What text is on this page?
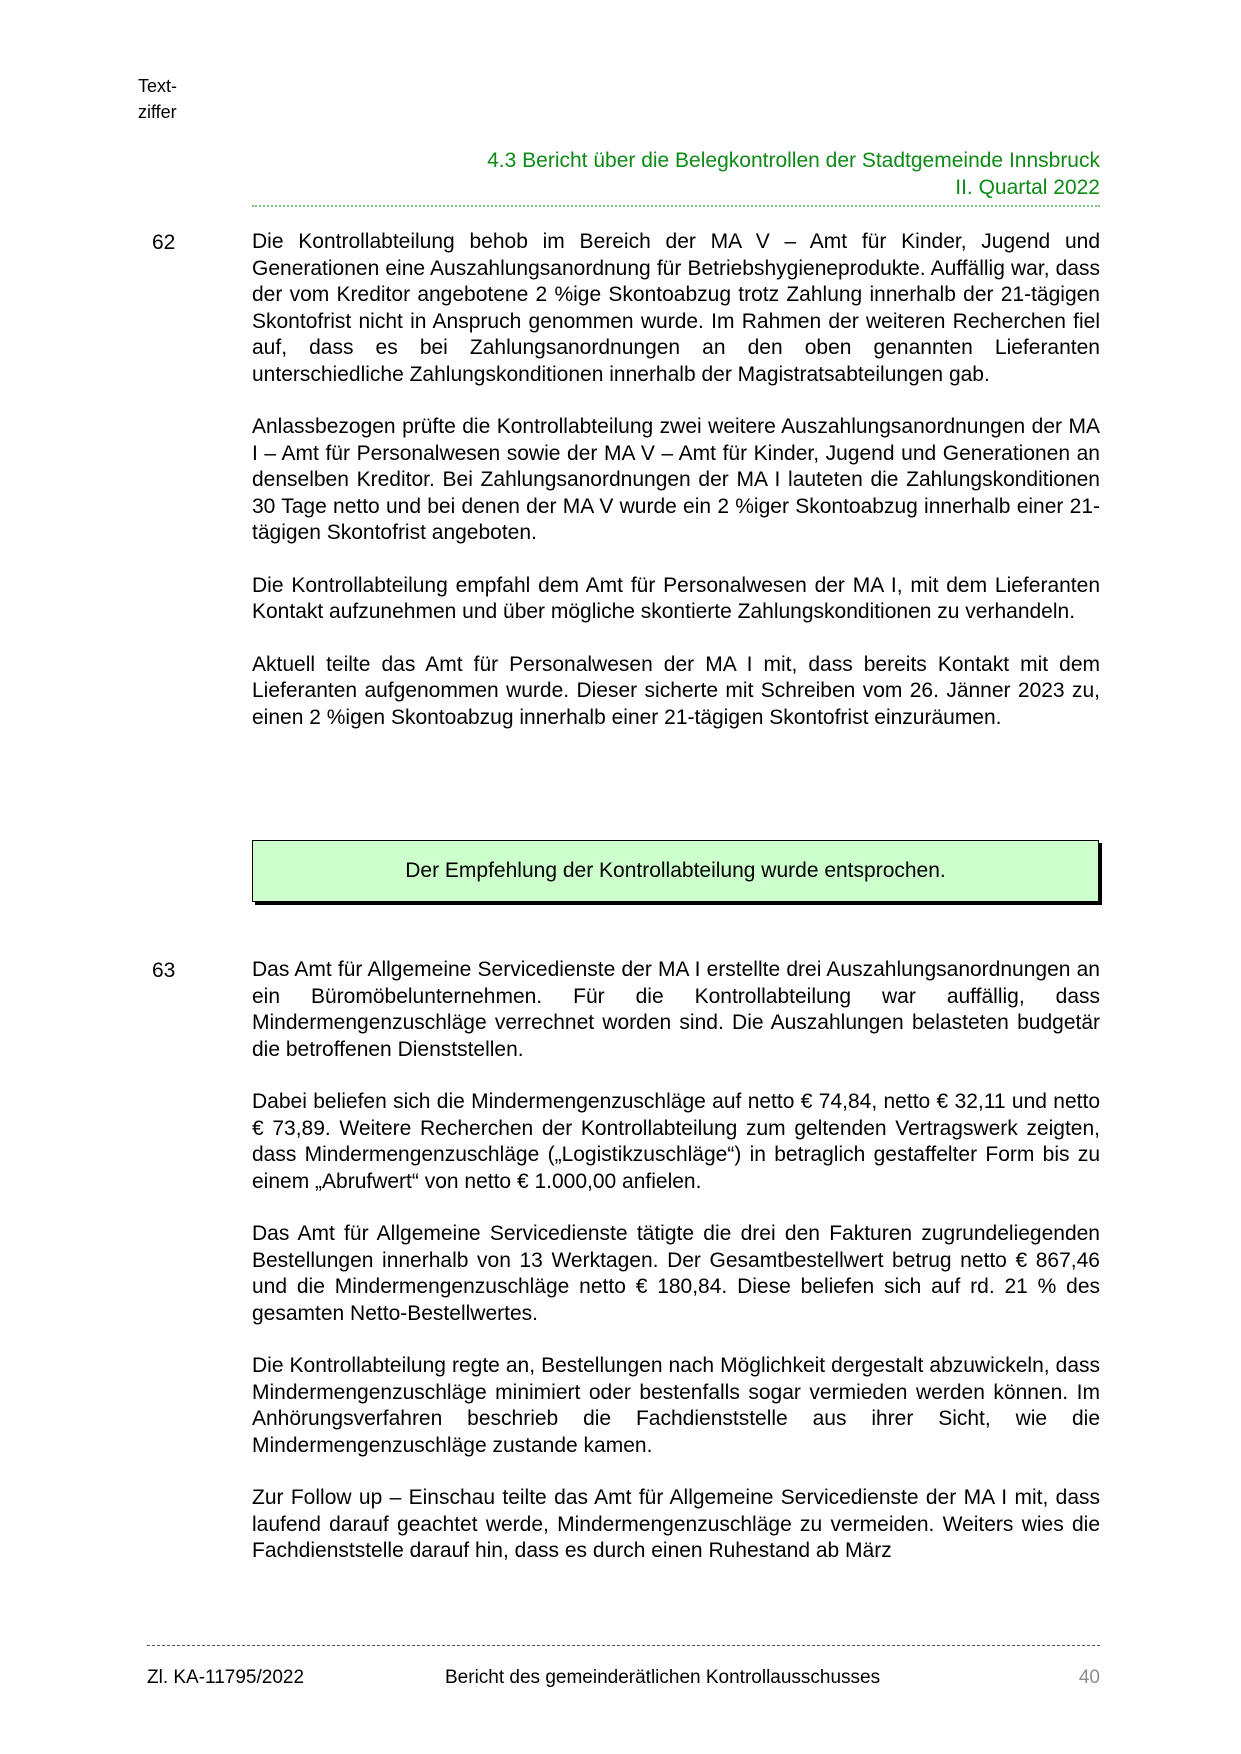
Text-
ziffer
4.3 Bericht über die Belegkontrollen der Stadtgemeinde Innsbruck
II. Quartal 2022
62	Die Kontrollabteilung behob im Bereich der MA V – Amt für Kinder, Jugend und Generationen eine Auszahlungsanordnung für Betriebshygieneprodukte. Auffällig war, dass der vom Kreditor angebotene 2 %ige Skontoabzug trotz Zahlung innerhalb der 21-tägigen Skontofrist nicht in Anspruch genommen wurde. Im Rahmen der weiteren Recherchen fiel auf, dass es bei Zahlungsanordnungen an den oben genannten Lieferanten unterschiedliche Zahlungskonditionen innerhalb der Magistratsabteilungen gab.

Anlassbezogen prüfte die Kontrollabteilung zwei weitere Auszahlungsanordnungen der MA I – Amt für Personalwesen sowie der MA V – Amt für Kinder, Jugend und Generationen an denselben Kreditor. Bei Zahlungsanordnungen der MA I lauteten die Zahlungskonditionen 30 Tage netto und bei denen der MA V wurde ein 2 %iger Skontoabzug innerhalb einer 21-tägigen Skontofrist angeboten.

Die Kontrollabteilung empfahl dem Amt für Personalwesen der MA I, mit dem Lieferanten Kontakt aufzunehmen und über mögliche skontierte Zahlungskonditionen zu verhandeln.

Aktuell teilte das Amt für Personalwesen der MA I mit, dass bereits Kontakt mit dem Lieferanten aufgenommen wurde. Dieser sicherte mit Schreiben vom 26. Jänner 2023 zu, einen 2 %igen Skontoabzug innerhalb einer 21-tägigen Skontofrist einzuräumen.

Der Empfehlung der Kontrollabteilung wurde entsprochen.
63	Das Amt für Allgemeine Servicedienste der MA I erstellte drei Auszahlungsanordnungen an ein Büromöbelunternehmen. Für die Kontrollabteilung war auffällig, dass Mindermengenzuschläge verrechnet worden sind. Die Auszahlungen belasteten budgetär die betroffenen Dienststellen.

Dabei beliefen sich die Mindermengenzuschläge auf netto € 74,84, netto € 32,11 und netto € 73,89. Weitere Recherchen der Kontrollabteilung zum geltenden Vertragswerk zeigten, dass Mindermengenzuschläge („Logistikzuschläge“) in betraglich gestaffelter Form bis zu einem „Abrufwert“ von netto € 1.000,00 anfielen.

Das Amt für Allgemeine Servicedienste tätigte die drei den Fakturen zugrundeliegenden Bestellungen innerhalb von 13 Werktagen. Der Gesamtbestellwert betrug netto € 867,46 und die Mindermengenzuschläge netto € 180,84. Diese beliefen sich auf rd. 21 % des gesamten Netto-Bestellwertes.

Die Kontrollabteilung regte an, Bestellungen nach Möglichkeit dergestalt abzuwickeln, dass Mindermengenzuschläge minimiert oder bestenfalls sogar vermieden werden können. Im Anhörungsverfahren beschrieb die Fachdienststelle aus ihrer Sicht, wie die Mindermengenzuschläge zustande kamen.

Zur Follow up – Einschau teilte das Amt für Allgemeine Servicedienste der MA I mit, dass laufend darauf geachtet werde, Mindermengenzuschläge zu vermeiden. Weiters wies die Fachdienststelle darauf hin, dass es durch einen Ruhestand ab März

Zl. KA-11795/2022	Bericht des gemeinderätlichen Kontrollausschusses	40
